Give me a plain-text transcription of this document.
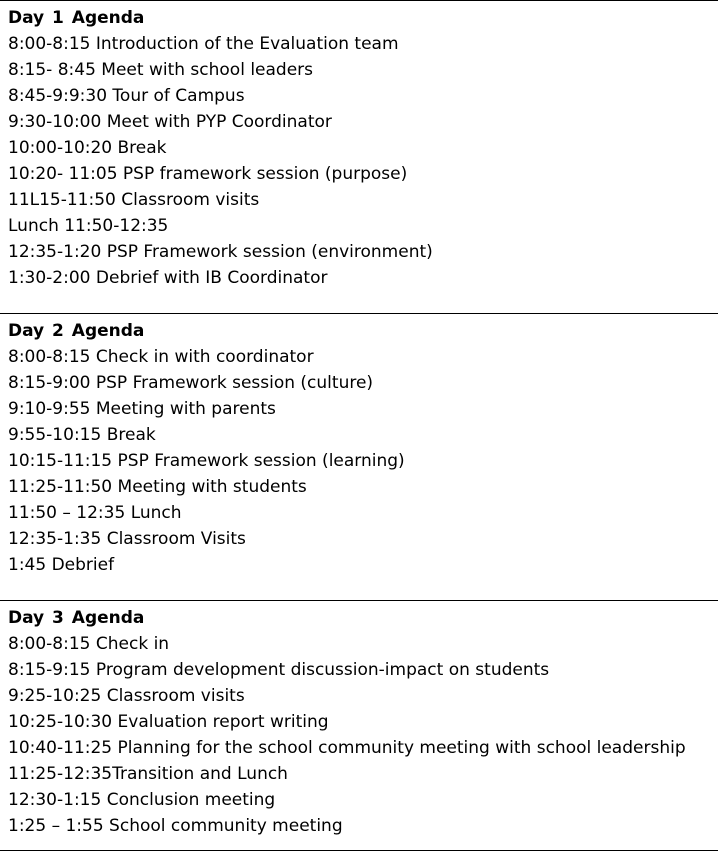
Day 1 Agenda
8:00-8:15 Introduction of the Evaluation team
8:15- 8:45 Meet with school leaders
8:45-9:9:30 Tour of Campus
9:30-10:00 Meet with PYP Coordinator
10:00-10:20 Break
10:20- 11:05 PSP framework session (purpose)
11L15-11:50 Classroom visits
Lunch 11:50-12:35
12:35-1:20 PSP Framework session (environment)
1:30-2:00 Debrief with IB Coordinator
Day 2 Agenda
8:00-8:15 Check in with coordinator
8:15-9:00 PSP Framework session (culture)
9:10-9:55 Meeting with parents
9:55-10:15 Break
10:15-11:15 PSP Framework session (learning)
11:25-11:50 Meeting with students
11:50 – 12:35 Lunch
12:35-1:35 Classroom Visits
1:45 Debrief
Day 3 Agenda
8:00-8:15 Check in
8:15-9:15 Program development discussion-impact on students
9:25-10:25 Classroom visits
10:25-10:30 Evaluation report writing
10:40-11:25 Planning for the school community meeting with school leadership
11:25-12:35Transition and Lunch
12:30-1:15 Conclusion meeting
1:25 – 1:55 School community meeting
